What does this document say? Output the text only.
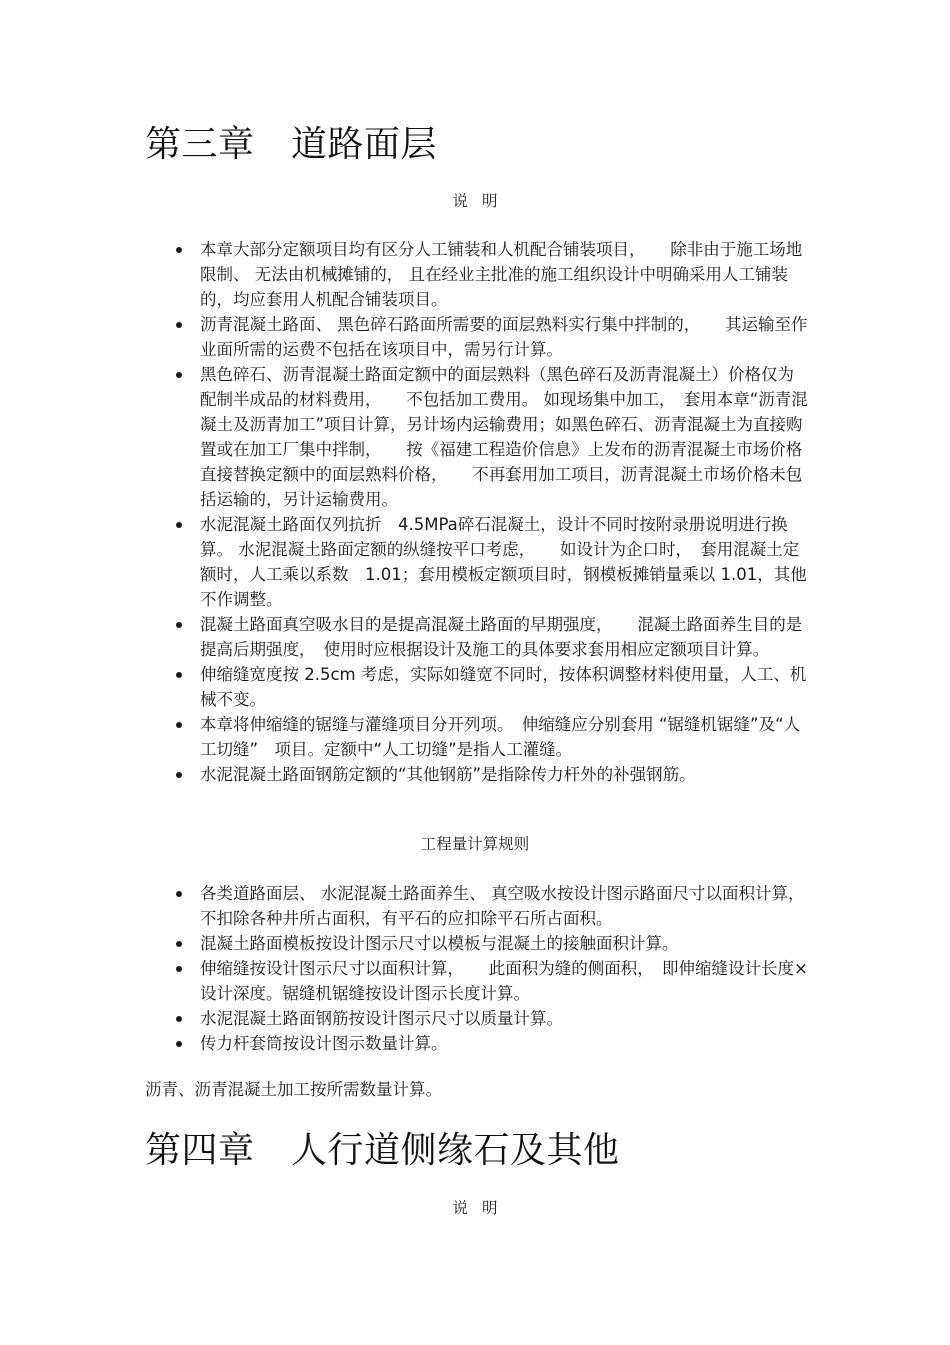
第三章　道路面层
说明
本章大部分定额项目均有区分人工铺装和人机配合铺装项目，　　除非由于施工场地限制、 无法由机械摊铺的， 且在经业主批准的施工组织设计中明确采用人工铺装的，均应套用人机配合铺装项目。
沥青混凝土路面、 黑色碎石路面所需要的面层熟料实行集中拌制的，　　其运输至作业面所需的运费不包括在该项目中，需另行计算。
黑色碎石、沥青混凝土路面定额中的面层熟料（黑色碎石及沥青混凝土）价格仅为配制半成品的材料费用，　　不包括加工费用。 如现场集中加工，　套用本章“沥青混凝土及沥青加工”项目计算，另计场内运输费用；如黑色碎石、沥青混凝土为直接购置或在加工厂集中拌制，　　按《福建工程造价信息》上发布的沥青混凝土市场价格直接替换定额中的面层熟料价格，　　不再套用加工项目，沥青混凝土市场价格未包括运输的，另计运输费用。
水泥混凝土路面仅列抗折　4.5MPa碎石混凝土，设计不同时按附录册说明进行换算。 水泥混凝土路面定额的纵缝按平口考虑，　　如设计为企口时，　套用混凝土定额时，人工乘以系数　1.01；套用模板定额项目时，钢模板摊销量乘以 1.01，其他不作调整。
混凝土路面真空吸水目的是提高混凝土路面的早期强度，　　混凝土路面养生目的是提高后期强度，　使用时应根据设计及施工的具体要求套用相应定额项目计算。
伸缩缝宽度按 2.5cm 考虑，实际如缝宽不同时，按体积调整材料使用量，人工、机械不变。
本章将伸缩缝的锯缝与灌缝项目分开列项。　伸缩缝应分别套用 “锯缝机锯缝”及“人工切缝”　项目。定额中“人工切缝”是指人工灌缝。
水泥混凝土路面钢筋定额的“其他钢筋”是指除传力杆外的补强钢筋。
工程量计算规则
各类道路面层、 水泥混凝土路面养生、 真空吸水按设计图示路面尺寸以面积计算，不扣除各种井所占面积，有平石的应扣除平石所占面积。
混凝土路面模板按设计图示尺寸以模板与混凝土的接触面积计算。
伸缩缝按设计图示尺寸以面积计算，　　此面积为缝的侧面积，　即伸缩缝设计长度×设计深度。锯缝机锯缝按设计图示长度计算。
水泥混凝土路面钢筋按设计图示尺寸以质量计算。
传力杆套筒按设计图示数量计算。

沥青、沥青混凝土加工按所需数量计算。

第四章　人行道侧缘石及其他
说明
